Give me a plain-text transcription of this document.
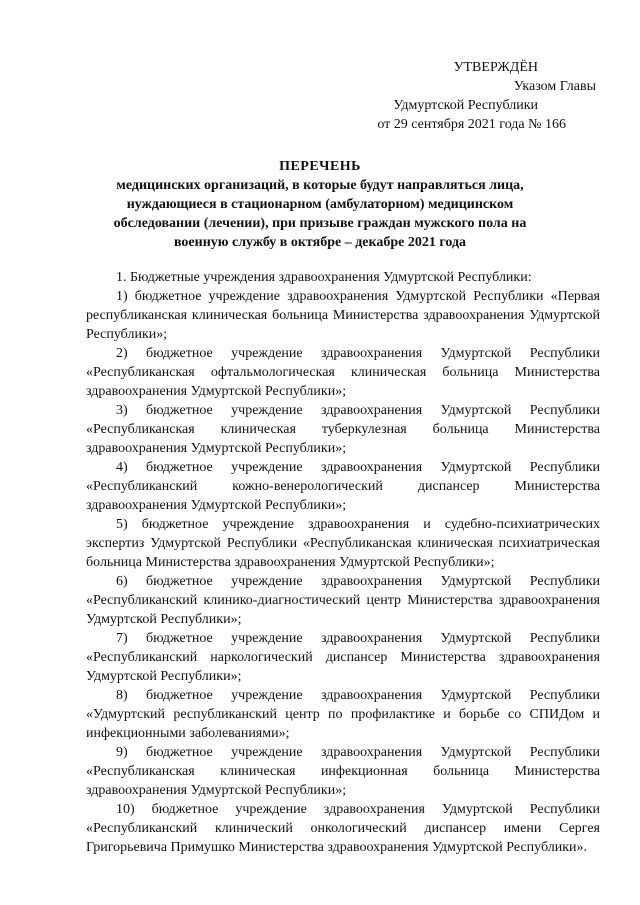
УТВЕРЖДЁН
Указом Главы
Удмуртской Республики
от 29 сентября 2021 года № 166
ПЕРЕЧЕНЬ
медицинских организаций, в которые будут направляться лица, нуждающиеся в стационарном (амбулаторном) медицинском обследовании (лечении), при призыве граждан мужского пола на военную службу в октябре – декабре 2021 года

1. Бюджетные учреждения здравоохранения Удмуртской Республики:

1) бюджетное учреждение здравоохранения Удмуртской Республики «Первая республиканская клиническая больница Министерства здравоохранения Удмуртской Республики»;

2) бюджетное учреждение здравоохранения Удмуртской Республики «Республиканская офтальмологическая клиническая больница Министерства здравоохранения Удмуртской Республики»;

3) бюджетное учреждение здравоохранения Удмуртской Республики «Республиканская клиническая туберкулезная больница Министерства здравоохранения Удмуртской Республики»;

4) бюджетное учреждение здравоохранения Удмуртской Республики «Республиканский кожно-венерологический диспансер Министерства здравоохранения Удмуртской Республики»;

5) бюджетное учреждение здравоохранения и судебно-психиатрических экспертиз Удмуртской Республики «Республиканская клиническая психиатрическая больница Министерства здравоохранения Удмуртской Республики»;

6) бюджетное учреждение здравоохранения Удмуртской Республики «Республиканский клинико-диагностический центр Министерства здравоохранения Удмуртской Республики»;

7) бюджетное учреждение здравоохранения Удмуртской Республики «Республиканский наркологический диспансер Министерства здравоохранения Удмуртской Республики»;

8) бюджетное учреждение здравоохранения Удмуртской Республики «Удмуртский республиканский центр по профилактике и борьбе со СПИДом и инфекционными заболеваниями»;

9) бюджетное учреждение здравоохранения Удмуртской Республики «Республиканская клиническая инфекционная больница Министерства здравоохранения Удмуртской Республики»;

10) бюджетное учреждение здравоохранения Удмуртской Республики «Республиканский клинический онкологический диспансер имени Сергея Григорьевича Примушко Министерства здравоохранения Удмуртской Республики».
